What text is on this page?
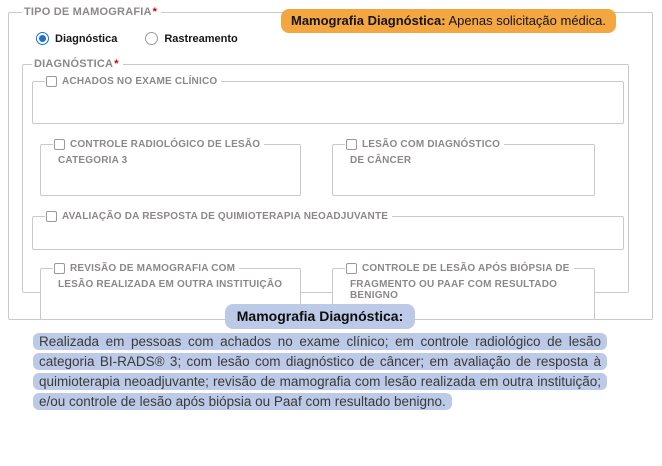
TIPO DE MAMOGRAFIA*
Diagnóstica	Rastreamento
DIAGNÓSTICA*
ACHADOS NO EXAME CLÍNICO
CONTROLE RADIOLÓGICO DE LESÃO
CATEGORIA 3
LESÃO COM DIAGNÓSTICO
DE CÂNCER
AVALIAÇÃO DA RESPOSTA DE QUIMIOTERAPIA NEOADJUVANTE
REVISÃO DE MAMOGRAFIA COM
LESÃO REALIZADA EM OUTRA INSTITUIÇÃO
CONTROLE DE LESÃO APÓS BIÓPSIA DE
FRAGMENTO OU PAAF COM RESULTADO BENIGNO
Mamografia Diagnóstica: Apenas solicitação médica.
Mamografia Diagnóstica:

Realizada em pessoas com achados no exame clínico; em controle radiológico de lesão categoria BI-RADS® 3; com lesão com diagnóstico de câncer; em avaliação de resposta à quimioterapia neoadjuvante; revisão de mamografia com lesão realizada em outra instituição; e/ou controle de lesão após biópsia ou Paaf com resultado benigno.
